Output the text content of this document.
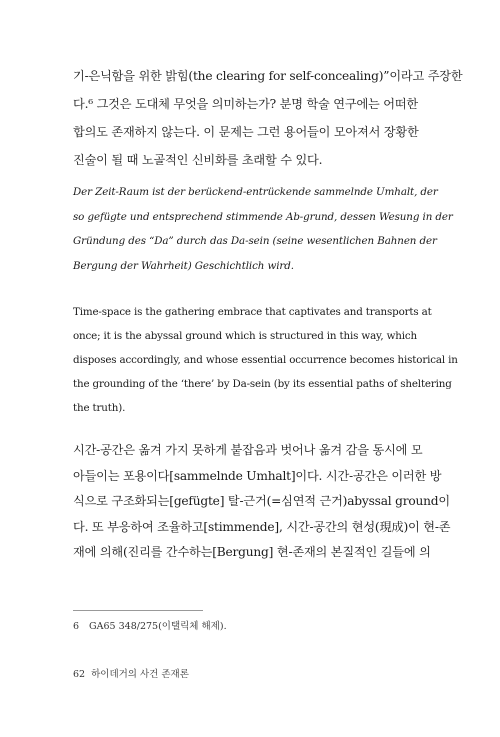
기-은닉함을 위한 밝힘(the clearing for self-concealing)”이라고 주장한
다.⁶ 그것은 도대체 무엇을 의미하는가? 분명 학술 연구에는 어떠한
합의도 존재하지 않는다. 이 문제는 그런 용어들이 모아져서 장황한
진술이 될 때 노골적인 신비화를 초래할 수 있다.
Der Zeit-Raum ist der berückend-entrückende sammelnde Umhalt, der
so gefügte und entsprechend stimmende Ab-grund, dessen Wesung in der
Gründung des “Da” durch das Da-sein (seine wesentlichen Bahnen der
Bergung der Wahrheit) Geschichtlich wird.
Time-space is the gathering embrace that captivates and transports at
once; it is the abyssal ground which is structured in this way, which
disposes accordingly, and whose essential occurrence becomes historical in
the grounding of the ‘there’ by Da-sein (by its essential paths of sheltering
the truth).
시간-공간은 옮겨 가지 못하게 붙잡음과 벗어나 옮겨 감을 동시에 모
아들이는 포용이다[sammelnde Umhalt]이다. 시간-공간은 이러한 방
식으로 구조화되는[gefügte] 탈-근거(=심연적 근거)abyssal ground이
다. 또 부응하여 조율하고[stimmende], 시간-공간의 현성(現成)이 현-존
재에 의해(진리를 간수하는[Bergung] 현-존재의 본질적인 길들에 의
6 GA65 348/275(이탤릭체 해제).
62 하이데거의 사건 존재론
